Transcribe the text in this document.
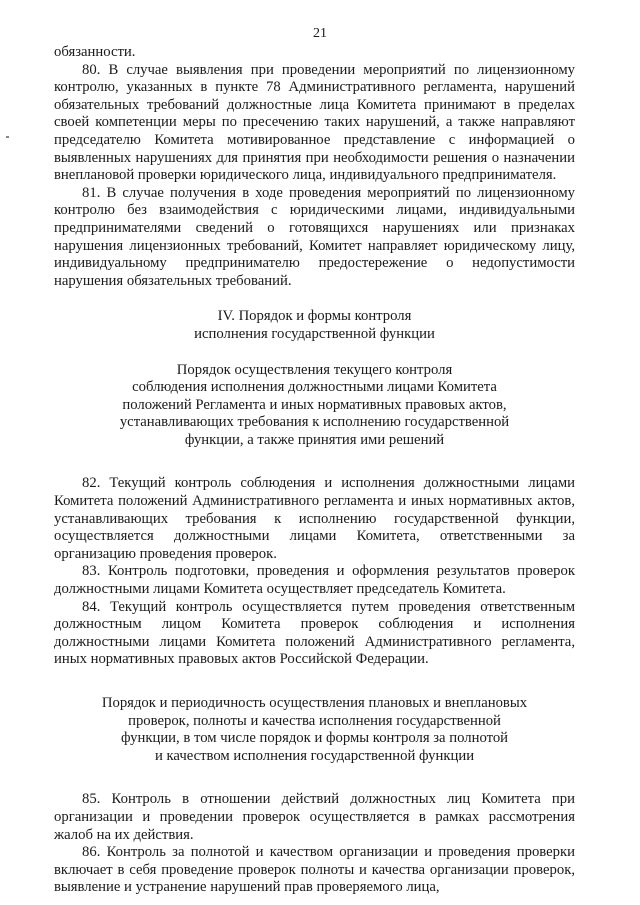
21

обязанности.

80. В случае выявления при проведении мероприятий по лицензионному контролю, указанных в пункте 78 Административного регламента, нарушений обязательных требований должностные лица Комитета принимают в пределах своей компетенции меры по пресечению таких нарушений, а также направляют председателю Комитета мотивированное представление с информацией о выявленных нарушениях для принятия при необходимости решения о назначении внеплановой проверки юридического лица, индивидуального предпринимателя.

81. В случае получения в ходе проведения мероприятий по лицензионному контролю без взаимодействия с юридическими лицами, индивидуальными предпринимателями сведений о готовящихся нарушениях или признаках нарушения лицензионных требований, Комитет направляет юридическому лицу, индивидуальному предпринимателю предостережение о недопустимости нарушения обязательных требований.

IV. Порядок и формы контроля

исполнения государственной функции

Порядок осуществления текущего контроля

соблюдения исполнения должностными лицами Комитета

положений Регламента и иных нормативных правовых актов,

устанавливающих требования к исполнению государственной

функции, а также принятия ими решений

82. Текущий контроль соблюдения и исполнения должностными лицами Комитета положений Административного регламента и иных нормативных актов, устанавливающих требования к исполнению государственной функции, осуществляется должностными лицами Комитета, ответственными за организацию проведения проверок.

83. Контроль подготовки, проведения и оформления результатов проверок должностными лицами Комитета осуществляет председатель Комитета.

84. Текущий контроль осуществляется путем проведения ответственным должностным лицом Комитета проверок соблюдения и исполнения должностными лицами Комитета положений Административного регламента, иных нормативных правовых актов Российской Федерации.

Порядок и периодичность осуществления плановых и внеплановых

проверок, полноты и качества исполнения государственной

функции, в том числе порядок и формы контроля за полнотой

и качеством исполнения государственной функции

85. Контроль в отношении действий должностных лиц Комитета при организации и проведении проверок осуществляется в рамках рассмотрения жалоб на их действия.

86. Контроль за полнотой и качеством организации и проведения проверки включает в себя проведение проверок полноты и качества организации проверок, выявление и устранение нарушений прав проверяемого лица,
